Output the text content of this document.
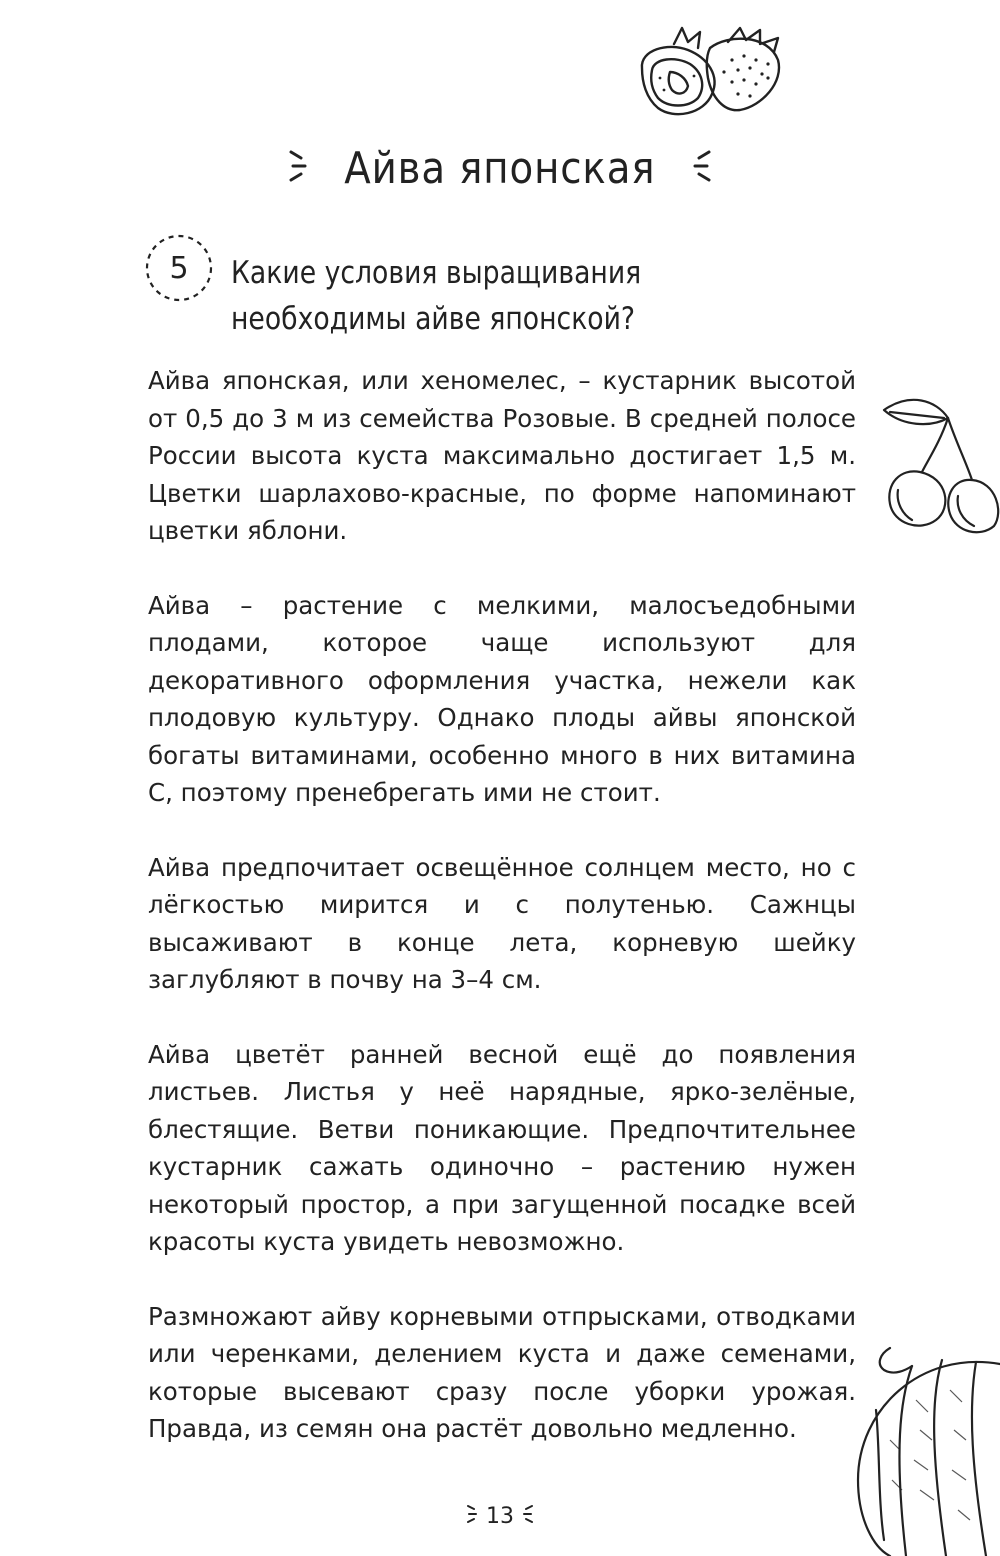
Айва японская
5	Какие условия выращивания необходимы айве японской?

Айва японская, или хеномелес, – кустарник высотой от 0,5 до 3 м из семейства Розовые. В средней полосе России высота куста максимально достигает 1,5 м. Цветки шарлахово-красные, по форме напоминают цветки яблони.

Айва – растение с мелкими, малосъедобными плодами, которое чаще используют для декоративного оформления участка, нежели как плодовую культуру. Однако плоды айвы японской богаты витаминами, особенно много в них витамина С, поэтому пренебрегать ими не стоит.

Айва предпочитает освещённое солнцем место, но с лёгкостью мирится и с полутенью. Сажнцы высаживают в конце лета, корневую шейку заглубляют в почву на 3–4 см.

Айва цветёт ранней весной ещё до появления листьев. Листья у неё нарядные, ярко-зелёные, блестящие. Ветви поникающие. Предпочтительнее кустарник сажать одиночно – растению нужен некоторый простор, а при загущенной посадке всей красоты куста увидеть невозможно.

Размножают айву корневыми отпрысками, отводками или черенками, делением куста и даже семенами, которые высевают сразу после уборки урожая. Правда, из семян она растёт довольно медленно.

13
